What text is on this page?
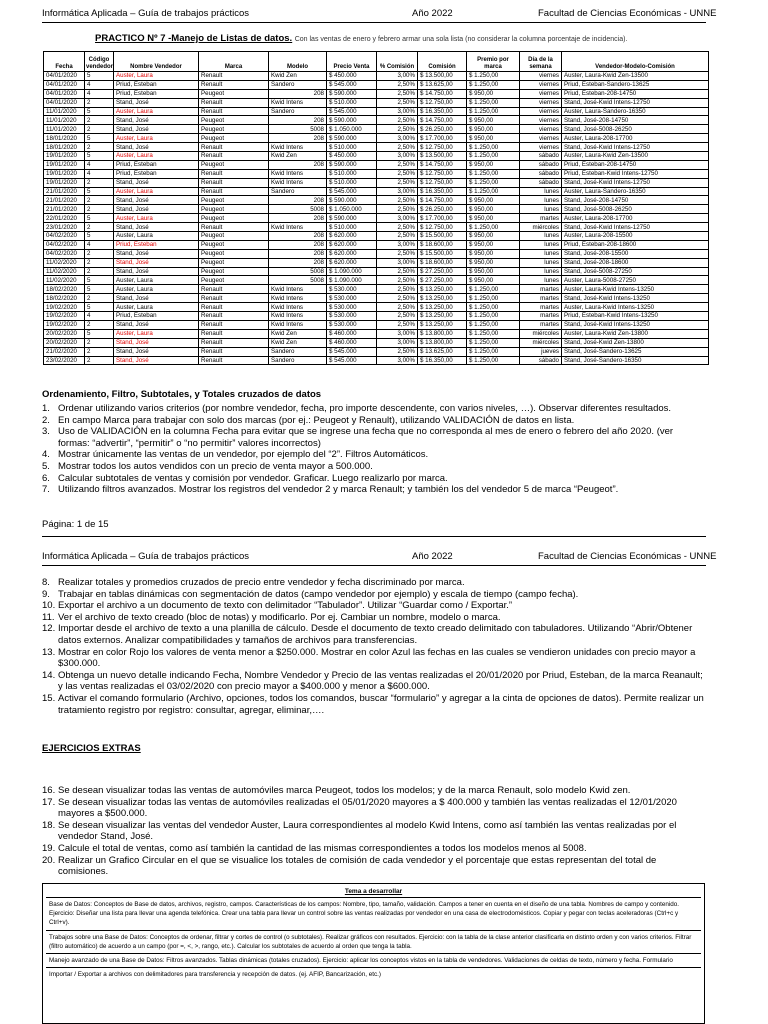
Informática Aplicada – Guía de trabajos prácticos	Año 2022	Facultad de Ciencias Económicas - UNNE
PRACTICO Nº 7 -Manejo de Listas de datos. Con las ventas de enero y febrero armar una sola lista (no considerar la columna porcentaje de incidencia).
Fecha	Código vendedor	Nombre Vendedor	Marca	Modelo	Precio Venta	% Comisión	Comisión	Premio por marca	Día de la semana	Vendedor-Modelo-Comisión
04/01/2020	5	Auster, Laura	Renault	Kwid Zen	$ 450.000	3,00%	$ 13.500,00	$ 1.250,00	viernes	Auster, Laura-Kwid Zen-13500
04/01/2020	4	Priud, Esteban	Renault	Sandero	$ 545.000	2,50%	$ 13.625,00	$ 1.250,00	viernes	Priud, Esteban-Sandero-13625
04/01/2020	4	Priud, Esteban	Peugeot	208	$ 590.000	2,50%	$ 14.750,00	$ 950,00	viernes	Priud, Esteban-208-14750
04/01/2020	2	Stand, José	Renault	Kwid Intens	$ 510.000	2,50%	$ 12.750,00	$ 1.250,00	viernes	Stand, José-Kwid Intens-12750
11/01/2020	5	Auster, Laura	Renault	Sandero	$ 545.000	3,00%	$ 16.350,00	$ 1.250,00	viernes	Auster, Laura-Sandero-16350
11/01/2020	2	Stand, José	Peugeot	208	$ 590.000	2,50%	$ 14.750,00	$ 950,00	viernes	Stand, José-208-14750
11/01/2020	2	Stand, José	Peugeot	5008	$ 1.050.000	2,50%	$ 26.250,00	$ 950,00	viernes	Stand, José-5008-26250
18/01/2020	5	Auster, Laura	Peugeot	208	$ 590.000	3,00%	$ 17.700,00	$ 950,00	viernes	Auster, Laura-208-17700
18/01/2020	2	Stand, José	Renault	Kwid Intens	$ 510.000	2,50%	$ 12.750,00	$ 1.250,00	viernes	Stand, José-Kwid Intens-12750
19/01/2020	5	Auster, Laura	Renault	Kwid Zen	$ 450.000	3,00%	$ 13.500,00	$ 1.250,00	sábado	Auster, Laura-Kwid Zen-13500
19/01/2020	4	Priud, Esteban	Peugeot	208	$ 590.000	2,50%	$ 14.750,00	$ 950,00	sábado	Priud, Esteban-208-14750
19/01/2020	4	Priud, Esteban	Renault	Kwid Intens	$ 510.000	2,50%	$ 12.750,00	$ 1.250,00	sábado	Priud, Esteban-Kwid Intens-12750
19/01/2020	2	Stand, José	Renault	Kwid Intens	$ 510.000	2,50%	$ 12.750,00	$ 1.250,00	sábado	Stand, José-Kwid Intens-12750
21/01/2020	5	Auster, Laura	Renault	Sandero	$ 545.000	3,00%	$ 16.350,00	$ 1.250,00	lunes	Auster, Laura-Sandero-16350
21/01/2020	2	Stand, José	Peugeot	208	$ 590.000	2,50%	$ 14.750,00	$ 950,00	lunes	Stand, José-208-14750
21/01/2020	2	Stand, José	Peugeot	5008	$ 1.050.000	2,50%	$ 26.250,00	$ 950,00	lunes	Stand, José-5008-26250
22/01/2020	5	Auster, Laura	Peugeot	208	$ 590.000	3,00%	$ 17.700,00	$ 950,00	martes	Auster, Laura-208-17700
23/01/2020	2	Stand, José	Renault	Kwid Intens	$ 510.000	2,50%	$ 12.750,00	$ 1.250,00	miércoles	Stand, José-Kwid Intens-12750
04/02/2020	5	Auster, Laura	Peugeot	208	$ 620.000	2,50%	$ 15.500,00	$ 950,00	lunes	Auster, Laura-208-15500
04/02/2020	4	Priud, Esteban	Peugeot	208	$ 620.000	3,00%	$ 18.600,00	$ 950,00	lunes	Priud, Esteban-208-18600
04/02/2020	2	Stand, José	Peugeot	208	$ 620.000	2,50%	$ 15.500,00	$ 950,00	lunes	Stand, José-208-15500
11/02/2020	2	Stand, José	Peugeot	208	$ 620.000	3,00%	$ 18.600,00	$ 950,00	lunes	Stand, José-208-18600
11/02/2020	2	Stand, José	Peugeot	5008	$ 1.090.000	2,50%	$ 27.250,00	$ 950,00	lunes	Stand, José-5008-27250
11/02/2020	5	Auster, Laura	Peugeot	5008	$ 1.090.000	2,50%	$ 27.250,00	$ 950,00	lunes	Auster, Laura-5008-27250
18/02/2020	5	Auster, Laura	Renault	Kwid Intens	$ 530.000	2,50%	$ 13.250,00	$ 1.250,00	martes	Auster, Laura-Kwid Intens-13250
18/02/2020	2	Stand, José	Renault	Kwid Intens	$ 530.000	2,50%	$ 13.250,00	$ 1.250,00	martes	Stand, José-Kwid Intens-13250
19/02/2020	5	Auster, Laura	Renault	Kwid Intens	$ 530.000	2,50%	$ 13.250,00	$ 1.250,00	martes	Auster, Laura-Kwid Intens-13250
19/02/2020	4	Priud, Esteban	Renault	Kwid Intens	$ 530.000	2,50%	$ 13.250,00	$ 1.250,00	martes	Priud, Esteban-Kwid Intens-13250
19/02/2020	2	Stand, José	Renault	Kwid Intens	$ 530.000	2,50%	$ 13.250,00	$ 1.250,00	martes	Stand, José-Kwid Intens-13250
20/02/2020	5	Auster, Laura	Renault	Kwid Zen	$ 460.000	3,00%	$ 13.800,00	$ 1.250,00	miércoles	Auster, Laura-Kwid Zen-13800
20/02/2020	2	Stand, José	Renault	Kwid Zen	$ 460.000	3,00%	$ 13.800,00	$ 1.250,00	miércoles	Stand, José-Kwid Zen-13800
21/02/2020	2	Stand, José	Renault	Sandero	$ 545.000	2,50%	$ 13.625,00	$ 1.250,00	jueves	Stand, José-Sandero-13625
23/02/2020	2	Stand, José	Renault	Sandero	$ 545.000	3,00%	$ 16.350,00	$ 1.250,00	sábado	Stand, José-Sandero-16350
Ordenamiento, Filtro, Subtotales, y Totales cruzados de datos
1. Ordenar utilizando varios criterios (por nombre vendedor, fecha, pro importe descendente, con varios niveles, …). Observar diferentes resultados.
2. En campo Marca para trabajar con solo dos marcas (por ej.: Peugeot y Renault), utilizando VALIDACIÓN de datos en lista.
3. Uso de VALIDACIÓN en la columna Fecha para evitar que se ingrese una fecha que no corresponda al mes de enero o febrero del año 2020. (ver formas: “advertir”, “permitir” o “no permitir” valores incorrectos)
4. Mostrar únicamente las ventas de un vendedor, por ejemplo del “2”. Filtros Automáticos.
5. Mostrar todos los autos vendidos con un precio de venta mayor a 500.000.
6. Calcular subtotales de ventas y comisión por vendedor. Graficar. Luego realizarlo por marca.
7. Utilizando filtros avanzados. Mostrar los registros del vendedor 2 y marca Renault; y también los del vendedor 5 de marca “Peugeot”.
Página: 1 de 15
Informática Aplicada – Guía de trabajos prácticos	Año 2022	Facultad de Ciencias Económicas - UNNE
8. Realizar totales y promedios cruzados de precio entre vendedor y fecha discriminado por marca.
9. Trabajar en tablas dinámicas con segmentación de datos (campo vendedor por ejemplo) y escala de tiempo (campo fecha).
10. Exportar el archivo a un documento de texto con delimitador “Tabulador”. Utilizar “Guardar como / Exportar.”
11. Ver el archivo de texto creado (bloc de notas) y modificarlo. Por ej. Cambiar un nombre, modelo o marca.
12. Importar desde el archivo de texto a una planilla de cálculo. Desde el documento de texto creado delimitado con tabuladores. Utilizando “Abrir/Obtener datos externos. Analizar compatibilidades y tamaños de archivos para transferencias.
13. Mostrar en color Rojo los valores de venta menor a $250.000. Mostrar en color Azul las fechas en las cuales se vendieron unidades con precio mayor a $300.000.
14. Obtenga un nuevo detalle indicando Fecha, Nombre Vendedor y Precio de las ventas realizadas el 20/01/2020 por Priud, Esteban, de la marca Reanault; y las ventas realizadas el 03/02/2020 con precio mayor a $400.000 y menor a $600.000.
15. Activar el comando formulario (Archivo, opciones, todos los comandos, buscar “formulario” y agregar a la cinta de opciones de datos). Permite realizar un tratamiento registro por registro: consultar, agregar, eliminar,….
EJERCICIOS EXTRAS
16. Se desean visualizar todas las ventas de automóviles marca Peugeot, todos los modelos; y de la marca Renault, solo modelo Kwid zen.
17. Se desean visualizar todas las ventas de automóviles realizadas el 05/01/2020 mayores a $ 400.000 y también las ventas realizadas el 12/01/2020 mayores a $500.000.
18. Se desean visualizar las ventas del vendedor Auster, Laura correspondientes al modelo Kwid Intens, como así también las ventas realizadas por el vendedor Stand, José.
19. Calcule el total de ventas, como así también la cantidad de las mismas correspondientes a todos los modelos menos al 5008.
20. Realizar un Grafico Circular en el que se visualice los totales de comisión de cada vendedor y el porcentaje que estas representan del total de comisiones.
Tema a desarrollar
Base de Datos: Conceptos de Base de datos, archivos, registro, campos. Características de los campos: Nombre, tipo, tamaño, validación. Campos a tener en cuenta en el diseño de una tabla. Nombres de campo y contenido. Ejercicio: Diseñar una lista para llevar una agenda telefónica. Crear una tabla para llevar un control sobre las ventas realizadas por vendedor en una casa de electrodomésticos. Copiar y pegar con teclas aceleradoras (Ctrl+c y Ctrl+v).
Trabajos sobre una Base de Datos: Conceptos de ordenar, filtrar y cortes de control (o subtotales). Realizar gráficos con resultados. Ejercicio: con la tabla de la clase anterior clasificarla en distinto orden y con varios criterios. Filtrar (filtro automático) de acuerdo a un campo (por =, <, >, rango, etc.). Calcular los subtotales de acuerdo al orden que tenga la tabla.
Manejo avanzado de una Base de Datos: Filtros avanzados. Tablas dinámicas (totales cruzados). Ejercicio: aplicar los conceptos vistos en la tabla de vendedores. Validaciones de celdas de texto, número y fecha. Formulario
Importar / Exportar a archivos con delimitadores para transferencia y recepción de datos. (ej. AFIP, Bancarización, etc.)
